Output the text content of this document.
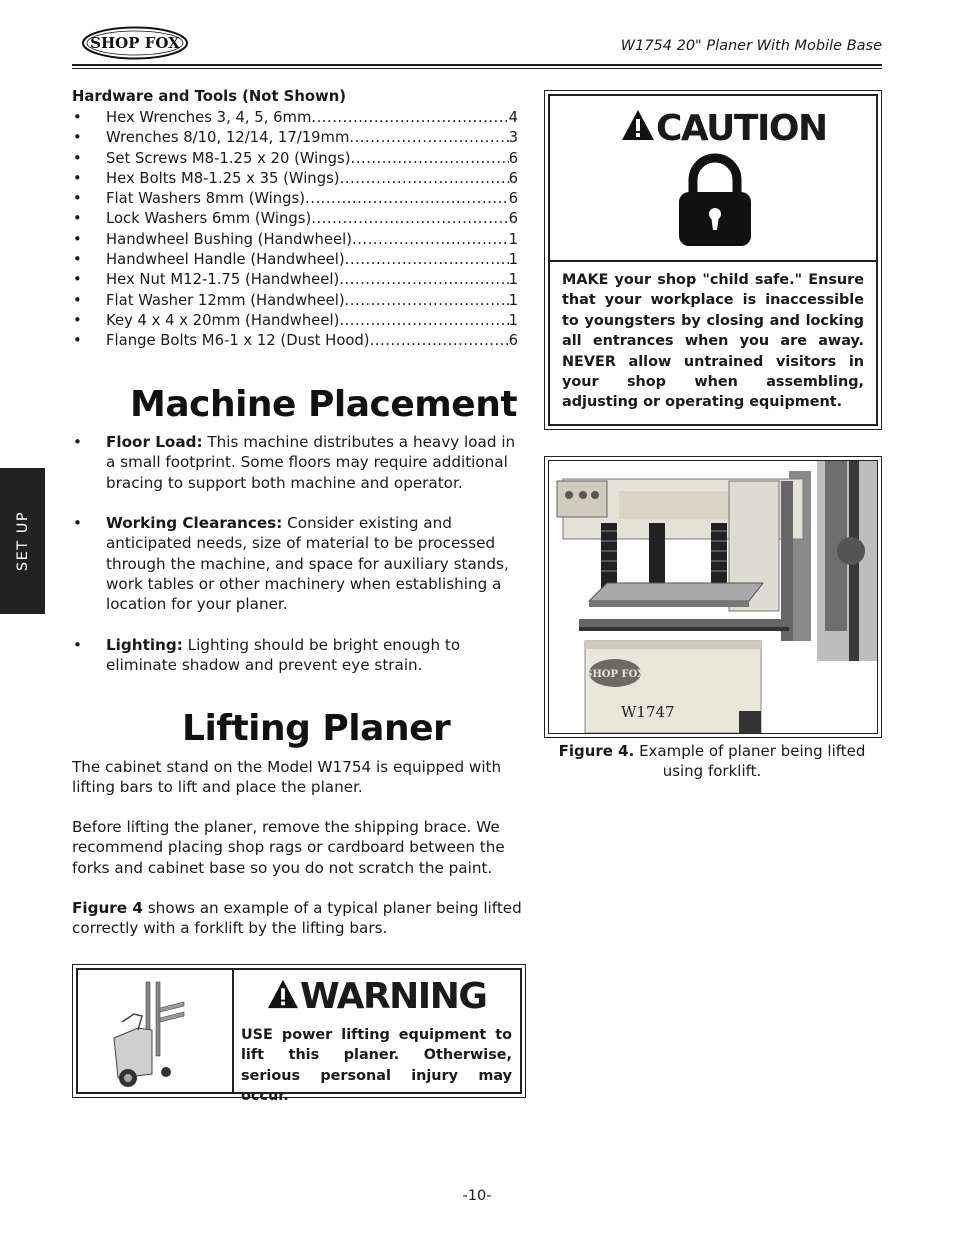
SHOP FOX	W1754 20" Planer With Mobile Base
SET UP
Hardware and Tools (Not Shown)
• Hex Wrenches 3, 4, 5, 6mm .....	4
• Wrenches 8/10, 12/14, 17/19mm .....	3
• Set Screws M8-1.25 x 20 (Wings) .....	6
• Hex Bolts M8-1.25 x 35 (Wings) .....	6
• Flat Washers 8mm (Wings) .....	6
• Lock Washers 6mm (Wings) .....	6
• Handwheel Bushing (Handwheel) .....	1
• Handwheel Handle (Handwheel) .....	1
• Hex Nut M12-1.75 (Handwheel) .....	1
• Flat Washer 12mm (Handwheel) .....	1
• Key 4 x 4 x 20mm (Handwheel) .....	1
• Flange Bolts M6-1 x 12 (Dust Hood) .....	6
Machine Placement
• Floor Load: This machine distributes a heavy load in a small footprint. Some floors may require additional bracing to support both machine and operator.
• Working Clearances: Consider existing and anticipated needs, size of material to be processed through the machine, and space for auxiliary stands, work tables or other machinery when establishing a location for your planer.
• Lighting: Lighting should be bright enough to eliminate shadow and prevent eye strain.
Lifting Planer
The cabinet stand on the Model W1754 is equipped with lifting bars to lift and place the planer.
Before lifting the planer, remove the shipping brace. We recommend placing shop rags or cardboard between the forks and cabinet base so you do not scratch the paint.
Figure 4 shows an example of a typical planer being lifted correctly with a forklift by the lifting bars.
CAUTION
MAKE your shop "child safe." Ensure that your workplace is inaccessible to youngsters by closing and locking all entrances when you are away. NEVER allow untrained visitors in your shop when assembling, adjusting or operating equipment.
SHOP FOX
W1747
Figure 4. Example of planer being lifted using forklift.
WARNING
USE power lifting equipment to lift this planer. Otherwise, serious personal injury may occur.
-10-
